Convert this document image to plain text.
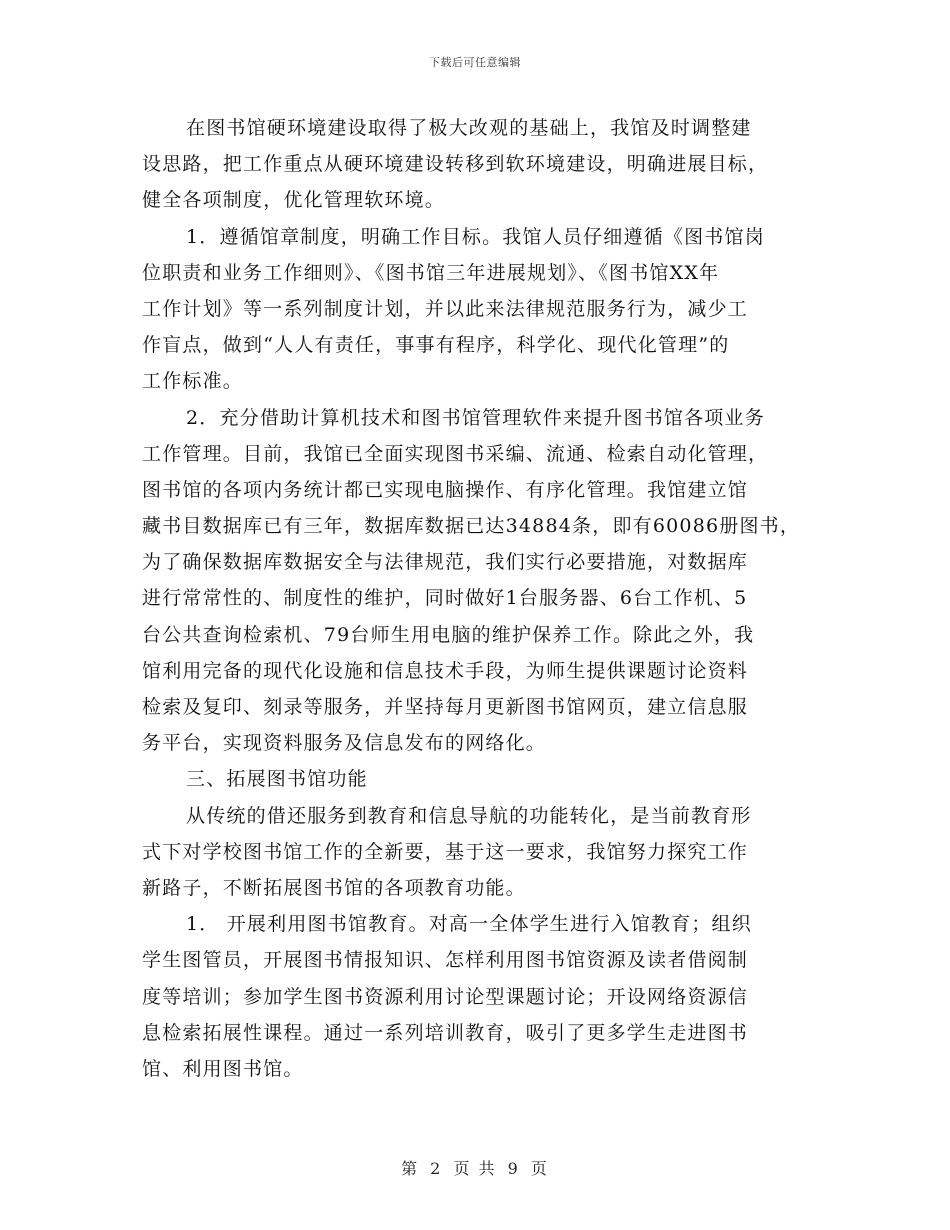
下载后可任意编辑
在图书馆硬环境建设取得了极大改观的基础上，我馆及时调整建
设思路，把工作重点从硬环境建设转移到软环境建设，明确进展目标，
健全各项制度，优化管理软环境。
1．遵循馆章制度，明确工作目标。我馆人员仔细遵循《图书馆岗
位职责和业务工作细则》、《图书馆三年进展规划》、《图书馆XX年
工作计划》等一系列制度计划，并以此来法律规范服务行为，减少工
作盲点，做到“人人有责任，事事有程序，科学化、现代化管理”的
工作标准。
2．充分借助计算机技术和图书馆管理软件来提升图书馆各项业务
工作管理。目前，我馆已全面实现图书采编、流通、检索自动化管理，
图书馆的各项内务统计都已实现电脑操作、有序化管理。我馆建立馆
藏书目数据库已有三年，数据库数据已达34884条，即有60086册图书，
为了确保数据库数据安全与法律规范，我们实行必要措施，对数据库
进行常常性的、制度性的维护，同时做好1台服务器、6台工作机、5
台公共查询检索机、79台师生用电脑的维护保养工作。除此之外，我
馆利用完备的现代化设施和信息技术手段，为师生提供课题讨论资料
检索及复印、刻录等服务，并坚持每月更新图书馆网页，建立信息服
务平台，实现资料服务及信息发布的网络化。
三、拓展图书馆功能
从传统的借还服务到教育和信息导航的功能转化，是当前教育形
式下对学校图书馆工作的全新要，基于这一要求，我馆努力探究工作
新路子，不断拓展图书馆的各项教育功能。
1． 开展利用图书馆教育。对高一全体学生进行入馆教育；组织
学生图管员，开展图书情报知识、怎样利用图书馆资源及读者借阅制
度等培训；参加学生图书资源利用讨论型课题讨论；开设网络资源信
息检索拓展性课程。通过一系列培训教育，吸引了更多学生走进图书
馆、利用图书馆。
第 2 页 共 9 页
